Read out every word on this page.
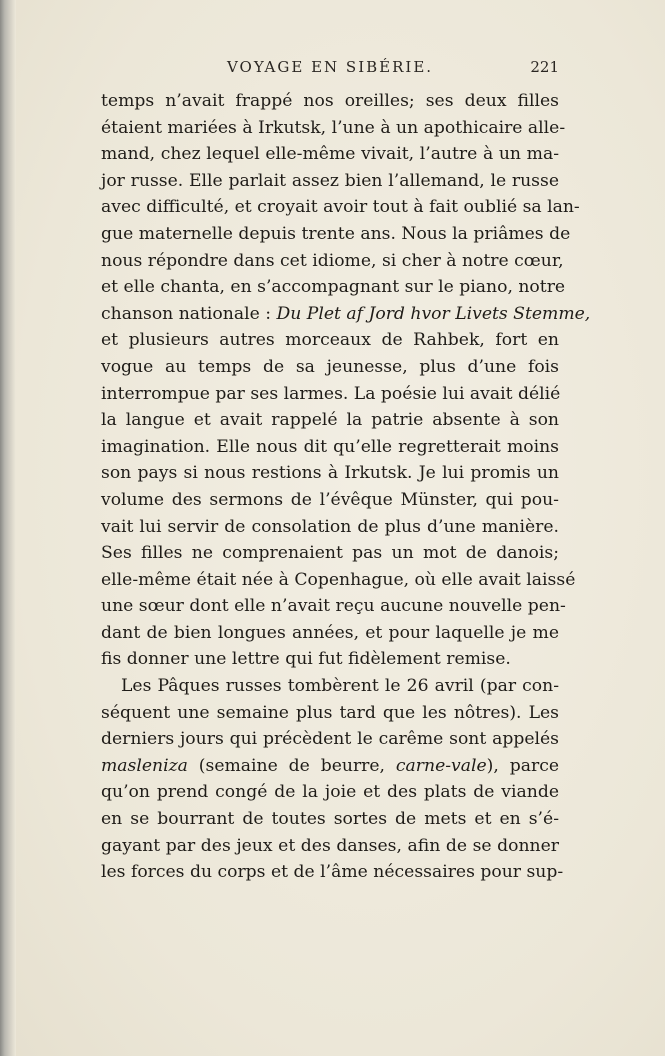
VOYAGE EN SIBÉRIE.	221
temps n’avait frappé nos oreilles; ses deux filles
étaient mariées à Irkutsk, l’une à un apothicaire alle-
mand, chez lequel elle-même vivait, l’autre à un ma-
jor russe. Elle parlait assez bien l’allemand, le russe
avec difficulté, et croyait avoir tout à fait oublié sa lan-
gue maternelle depuis trente ans. Nous la priâmes de
nous répondre dans cet idiome, si cher à notre cœur,
et elle chanta, en s’accompagnant sur le piano, notre
chanson nationale : Du Plet af Jord hvor Livets Stemme,
et plusieurs autres morceaux de Rahbek, fort en
vogue au temps de sa jeunesse, plus d’une fois
interrompue par ses larmes. La poésie lui avait délié
la langue et avait rappelé la patrie absente à son
imagination. Elle nous dit qu’elle regretterait moins
son pays si nous restions à Irkutsk. Je lui promis un
volume des sermons de l’évêque Münster, qui pou-
vait lui servir de consolation de plus d’une manière.
Ses filles ne comprenaient pas un mot de danois;
elle-même était née à Copenhague, où elle avait laissé
une sœur dont elle n’avait reçu aucune nouvelle pen-
dant de bien longues années, et pour laquelle je me
fis donner une lettre qui fut fidèlement remise.
Les Pâques russes tombèrent le 26 avril (par con-
séquent une semaine plus tard que les nôtres). Les
derniers jours qui précèdent le carême sont appelés
masleniza (semaine de beurre, carne-vale), parce
qu’on prend congé de la joie et des plats de viande
en se bourrant de toutes sortes de mets et en s’é-
gayant par des jeux et des danses, afin de se donner
les forces du corps et de l’âme nécessaires pour sup-
